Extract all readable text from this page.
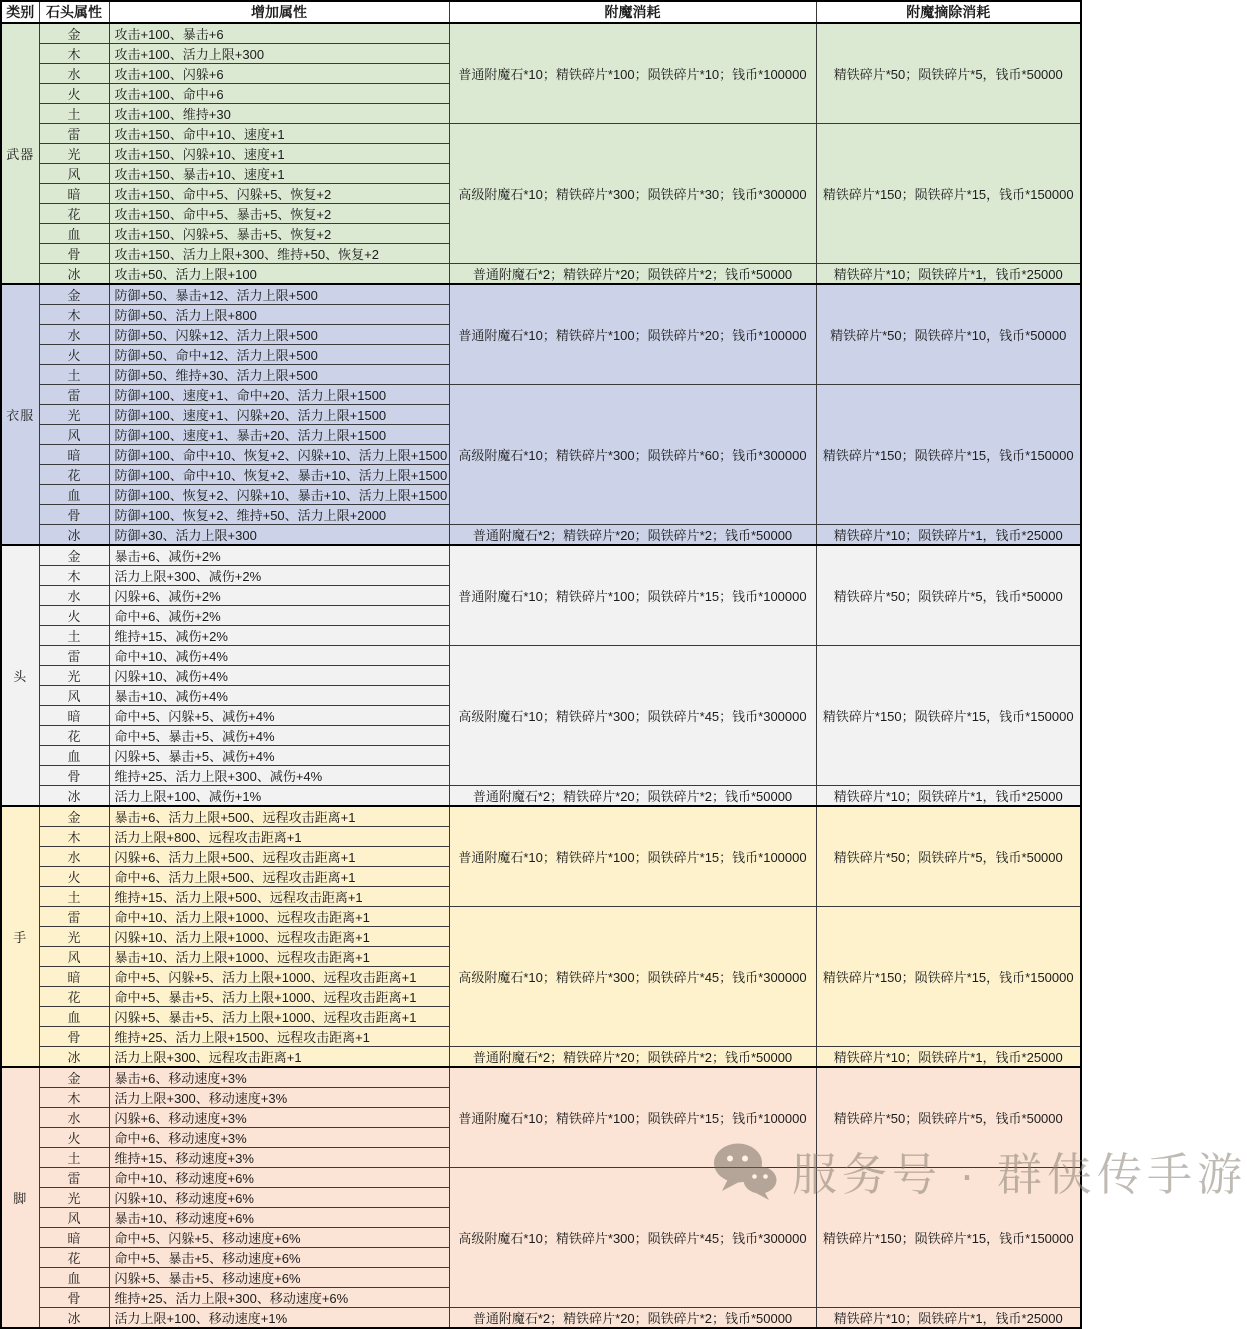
类别	石头属性	增加属性	附魔消耗	附魔摘除消耗
武器	金	攻击+100、暴击+6	普通附魔石*10；精铁碎片*100；陨铁碎片*10；钱币*100000	精铁碎片*50；陨铁碎片*5，钱币*50000
	木	攻击+100、活力上限+300		
	水	攻击+100、闪躲+6		
	火	攻击+100、命中+6		
	土	攻击+100、维持+30		
	雷	攻击+150、命中+10、速度+1	高级附魔石*10；精铁碎片*300；陨铁碎片*30；钱币*300000	精铁碎片*150；陨铁碎片*15，钱币*150000
	光	攻击+150、闪躲+10、速度+1		
	风	攻击+150、暴击+10、速度+1		
	暗	攻击+150、命中+5、闪躲+5、恢复+2		
	花	攻击+150、命中+5、暴击+5、恢复+2		
	血	攻击+150、闪躲+5、暴击+5、恢复+2		
	骨	攻击+150、活力上限+300、维持+50、恢复+2		
	冰	攻击+50、活力上限+100	普通附魔石*2；精铁碎片*20；陨铁碎片*2；钱币*50000	精铁碎片*10；陨铁碎片*1，钱币*25000
衣服	金	防御+50、暴击+12、活力上限+500	普通附魔石*10；精铁碎片*100；陨铁碎片*20；钱币*100000	精铁碎片*50；陨铁碎片*10，钱币*50000
	木	防御+50、活力上限+800		
	水	防御+50、闪躲+12、活力上限+500		
	火	防御+50、命中+12、活力上限+500		
	土	防御+50、维持+30、活力上限+500		
	雷	防御+100、速度+1、命中+20、活力上限+1500	高级附魔石*10；精铁碎片*300；陨铁碎片*60；钱币*300000	精铁碎片*150；陨铁碎片*15，钱币*150000
	光	防御+100、速度+1、闪躲+20、活力上限+1500		
	风	防御+100、速度+1、暴击+20、活力上限+1500		
	暗	防御+100、命中+10、恢复+2、闪躲+10、活力上限+1500		
	花	防御+100、命中+10、恢复+2、暴击+10、活力上限+1500		
	血	防御+100、恢复+2、闪躲+10、暴击+10、活力上限+1500		
	骨	防御+100、恢复+2、维持+50、活力上限+2000		
	冰	防御+30、活力上限+300	普通附魔石*2；精铁碎片*20；陨铁碎片*2；钱币*50000	精铁碎片*10；陨铁碎片*1，钱币*25000
头	金	暴击+6、减伤+2%	普通附魔石*10；精铁碎片*100；陨铁碎片*15；钱币*100000	精铁碎片*50；陨铁碎片*5，钱币*50000
	木	活力上限+300、减伤+2%		
	水	闪躲+6、减伤+2%		
	火	命中+6、减伤+2%		
	土	维持+15、减伤+2%		
	雷	命中+10、减伤+4%	高级附魔石*10；精铁碎片*300；陨铁碎片*45；钱币*300000	精铁碎片*150；陨铁碎片*15，钱币*150000
	光	闪躲+10、减伤+4%		
	风	暴击+10、减伤+4%		
	暗	命中+5、闪躲+5、减伤+4%		
	花	命中+5、暴击+5、减伤+4%		
	血	闪躲+5、暴击+5、减伤+4%		
	骨	维持+25、活力上限+300、减伤+4%		
	冰	活力上限+100、减伤+1%	普通附魔石*2；精铁碎片*20；陨铁碎片*2；钱币*50000	精铁碎片*10；陨铁碎片*1，钱币*25000
手	金	暴击+6、活力上限+500、远程攻击距离+1	普通附魔石*10；精铁碎片*100；陨铁碎片*15；钱币*100000	精铁碎片*50；陨铁碎片*5，钱币*50000
	木	活力上限+800、远程攻击距离+1		
	水	闪躲+6、活力上限+500、远程攻击距离+1		
	火	命中+6、活力上限+500、远程攻击距离+1		
	土	维持+15、活力上限+500、远程攻击距离+1		
	雷	命中+10、活力上限+1000、远程攻击距离+1	高级附魔石*10；精铁碎片*300；陨铁碎片*45；钱币*300000	精铁碎片*150；陨铁碎片*15，钱币*150000
	光	闪躲+10、活力上限+1000、远程攻击距离+1		
	风	暴击+10、活力上限+1000、远程攻击距离+1		
	暗	命中+5、闪躲+5、活力上限+1000、远程攻击距离+1		
	花	命中+5、暴击+5、活力上限+1000、远程攻击距离+1		
	血	闪躲+5、暴击+5、活力上限+1000、远程攻击距离+1		
	骨	维持+25、活力上限+1500、远程攻击距离+1		
	冰	活力上限+300、远程攻击距离+1	普通附魔石*2；精铁碎片*20；陨铁碎片*2；钱币*50000	精铁碎片*10；陨铁碎片*1，钱币*25000
脚	金	暴击+6、移动速度+3%	普通附魔石*10；精铁碎片*100；陨铁碎片*15；钱币*100000	精铁碎片*50；陨铁碎片*5，钱币*50000
	木	活力上限+300、移动速度+3%		
	水	闪躲+6、移动速度+3%		
	火	命中+6、移动速度+3%		
	土	维持+15、移动速度+3%		
	雷	命中+10、移动速度+6%	高级附魔石*10；精铁碎片*300；陨铁碎片*45；钱币*300000	精铁碎片*150；陨铁碎片*15，钱币*150000
	光	闪躲+10、移动速度+6%		
	风	暴击+10、移动速度+6%		
	暗	命中+5、闪躲+5、移动速度+6%		
	花	命中+5、暴击+5、移动速度+6%		
	血	闪躲+5、暴击+5、移动速度+6%		
	骨	维持+25、活力上限+300、移动速度+6%		
	冰	活力上限+100、移动速度+1%	普通附魔石*2；精铁碎片*20；陨铁碎片*2；钱币*50000	精铁碎片*10；陨铁碎片*1，钱币*25000
服务号 · 群侠传手游
